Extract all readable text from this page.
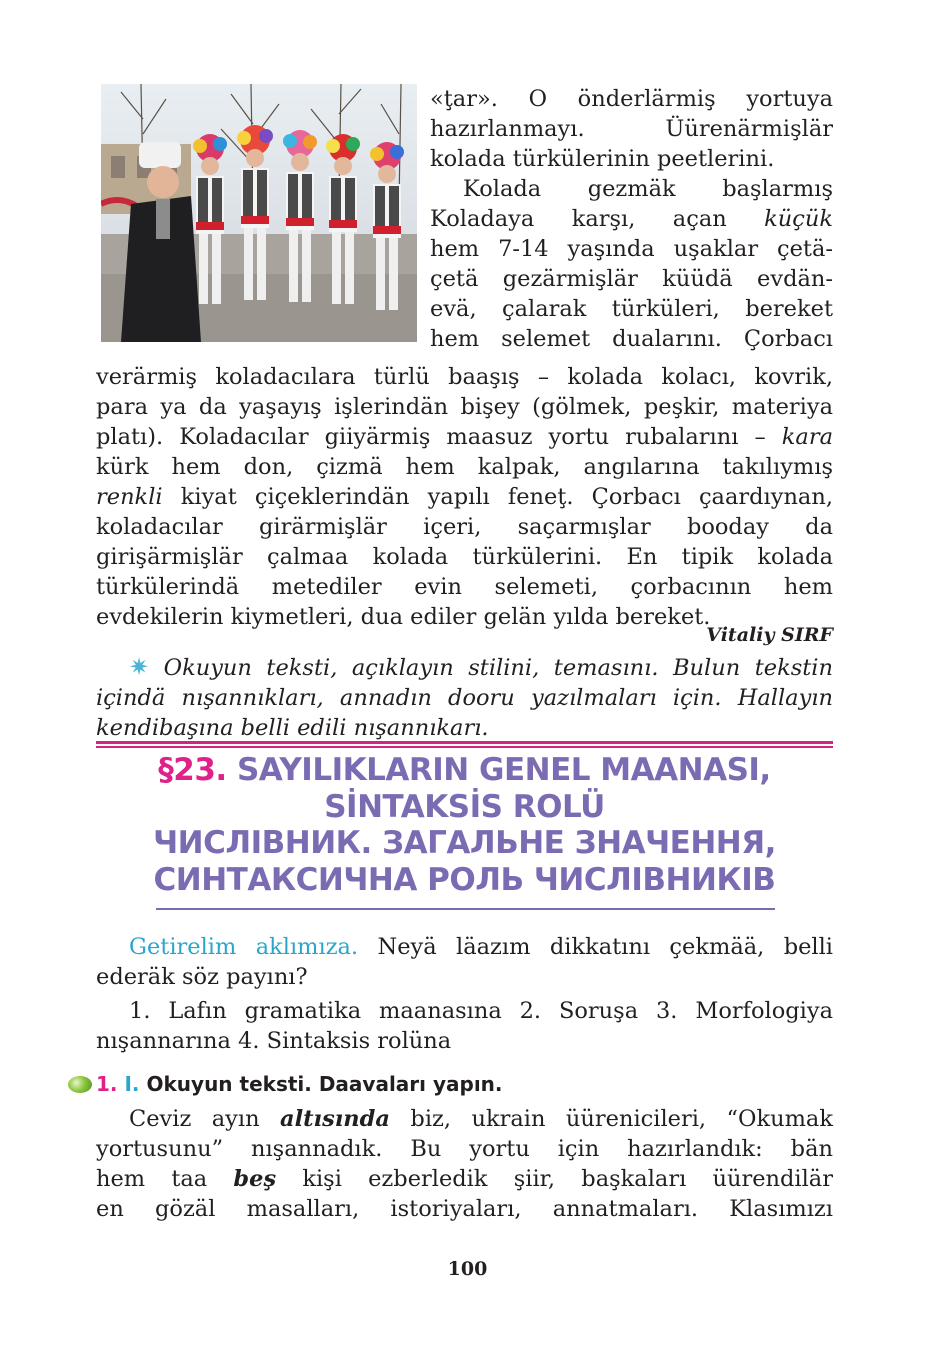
«ţar». O önderlärmiş yortuya
hazırlanmayı. Üürenärmişlär
kolada türkülerinin peetlerini.
Kolada gezmäk başlarmış
Koladaya karşı, açan küçük
hem 7-14 yaşında uşaklar çetä-
çetä gezärmişlär küüdä evdän-
evä, çalarak türküleri, bereket
hem selemet dualarını. Çorbacı
verärmiş koladacılara türlü baaşış – kolada kolacı, kovrik,
para ya da yaşayış işlerindän bişey (gölmek, peşkir, materiya
platı). Koladacılar giiyärmiş maasuz yortu rubalarını – kara
kürk hem don, çizmä hem kalpak, angılarına takılıymış
renkli kiyat çiçeklerindän yapılı feneţ. Çorbacı çaardıynan,
koladacılar girärmişlär içeri, saçarmışlar booday da
girişärmişlär çalmaa kolada türkülerini. En tipik kolada
türkülerindä metediler evin selemeti, çorbacının hem
evdekilerin kiymetleri, dua ediler gelän yılda bereket.
Vitaliy SIRF
✷ Okuyun teksti, açıklayın stilini, temasını. Bulun tekstin içindä nışannıkları, annadın dooru yazılmaları için. Hallayın kendibaşına belli edili nışannıkarı.
§23. SAYILIKLARIN GENEL MAANASI,
SİNTAKSİS ROLÜ
ЧИСЛІВНИК. ЗАГАЛЬНЕ ЗНАЧЕННЯ,
СИНТАКСИЧНА РОЛЬ ЧИСЛІВНИКІВ
Getirelim aklımıza. Neyä läazım dikkatını çekmää, belli ederäk söz payını?
1. Lafın gramatika maanasına 2. Soruşa 3. Morfologiya nışannarına 4. Sintaksis rolüna
1. I. Okuyun teksti. Daavaları yapın.
Ceviz ayın altısında biz, ukrain üürenicileri, “Okumak
yortusunu” nışannadık. Bu yortu için hazırlandık: bän
hem taa beş kişi ezberledik şiir, başkaları üürendilär
en gözäl masalları, istoriyaları, annatmaları. Klasımızı
100
